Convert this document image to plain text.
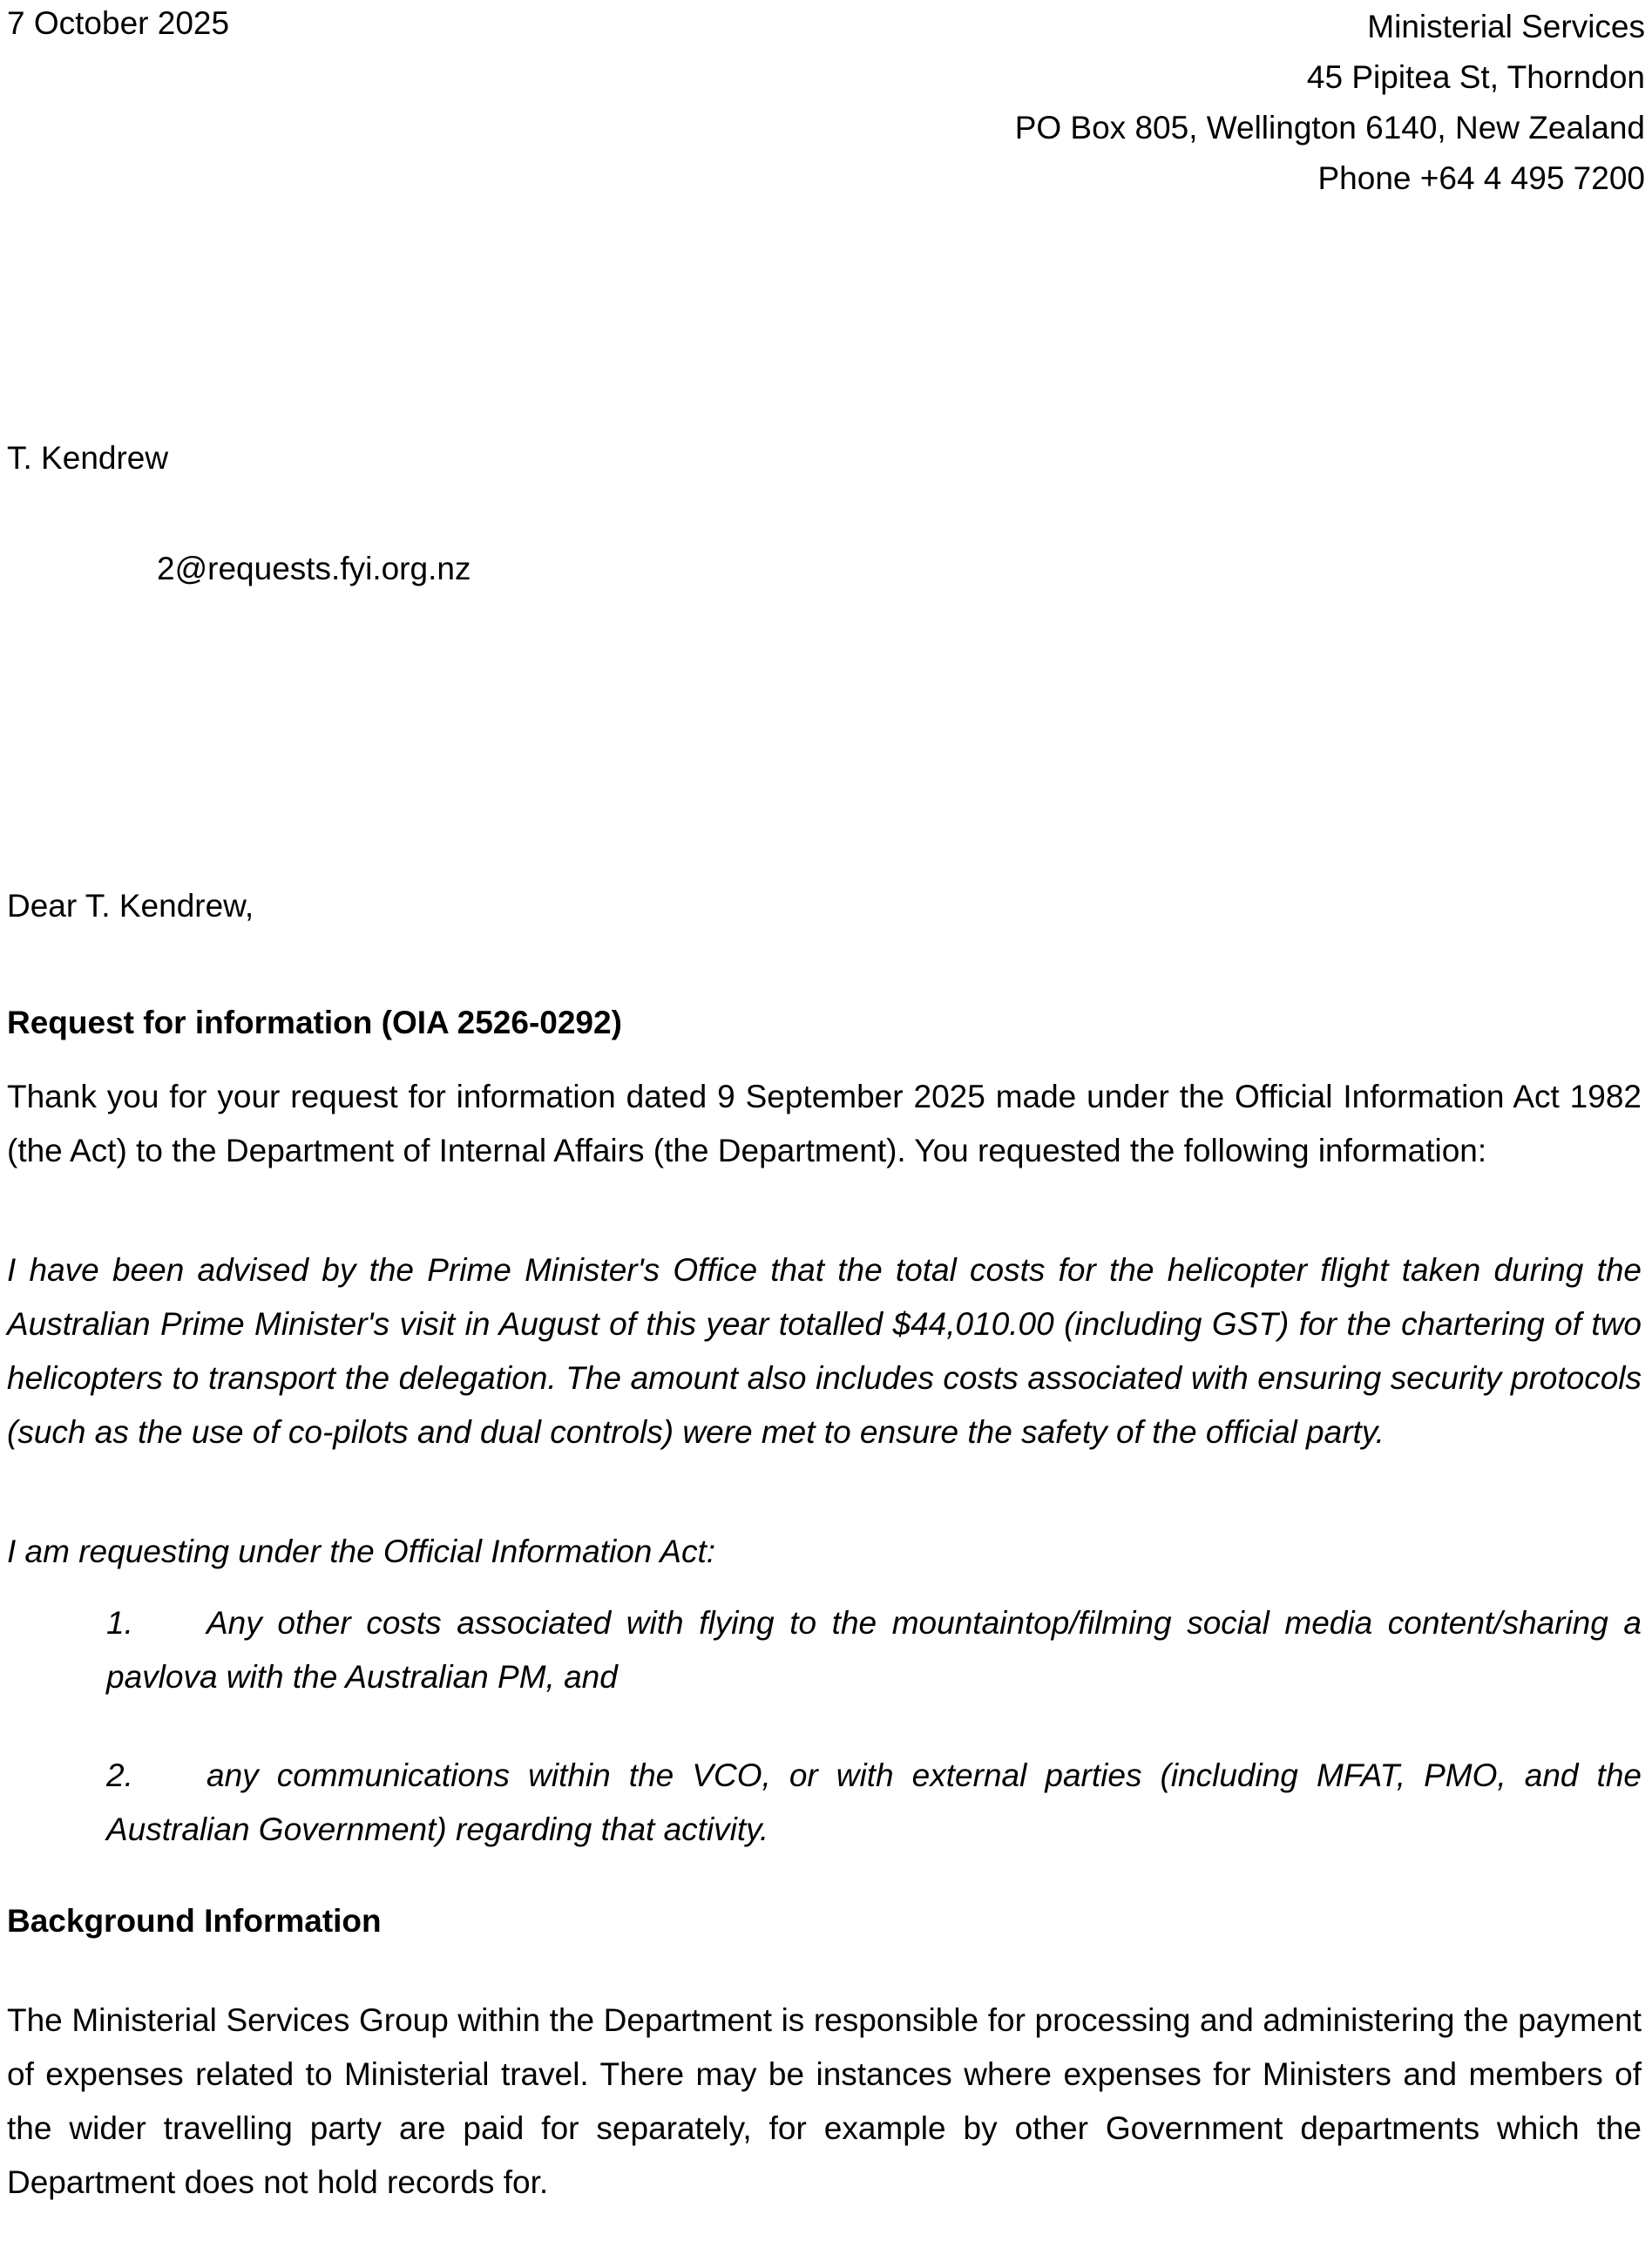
7 October 2025	Ministerial Services
45 Pipitea St, Thorndon
PO Box 805, Wellington 6140, New Zealand
Phone +64 4 495 7200
T. Kendrew
2@requests.fyi.org.nz
Dear T. Kendrew,
Request for information (OIA 2526-0292)
Thank you for your request for information dated 9 September 2025 made under the Official Information Act 1982 (the Act) to the Department of Internal Affairs (the Department). You requested the following information:
I have been advised by the Prime Minister's Office that the total costs for the helicopter flight taken during the Australian Prime Minister's visit in August of this year totalled $44,010.00 (including GST) for the chartering of two helicopters to transport the delegation. The amount also includes costs associated with ensuring security protocols (such as the use of co-pilots and dual controls) were met to ensure the safety of the official party.
I am requesting under the Official Information Act:
1. Any other costs associated with flying to the mountaintop/filming social media content/sharing a pavlova with the Australian PM, and
2. any communications within the VCO, or with external parties (including MFAT, PMO, and the Australian Government) regarding that activity.
Background Information
The Ministerial Services Group within the Department is responsible for processing and administering the payment of expenses related to Ministerial travel. There may be instances where expenses for Ministers and members of the wider travelling party are paid for separately, for example by other Government departments which the Department does not hold records for.
